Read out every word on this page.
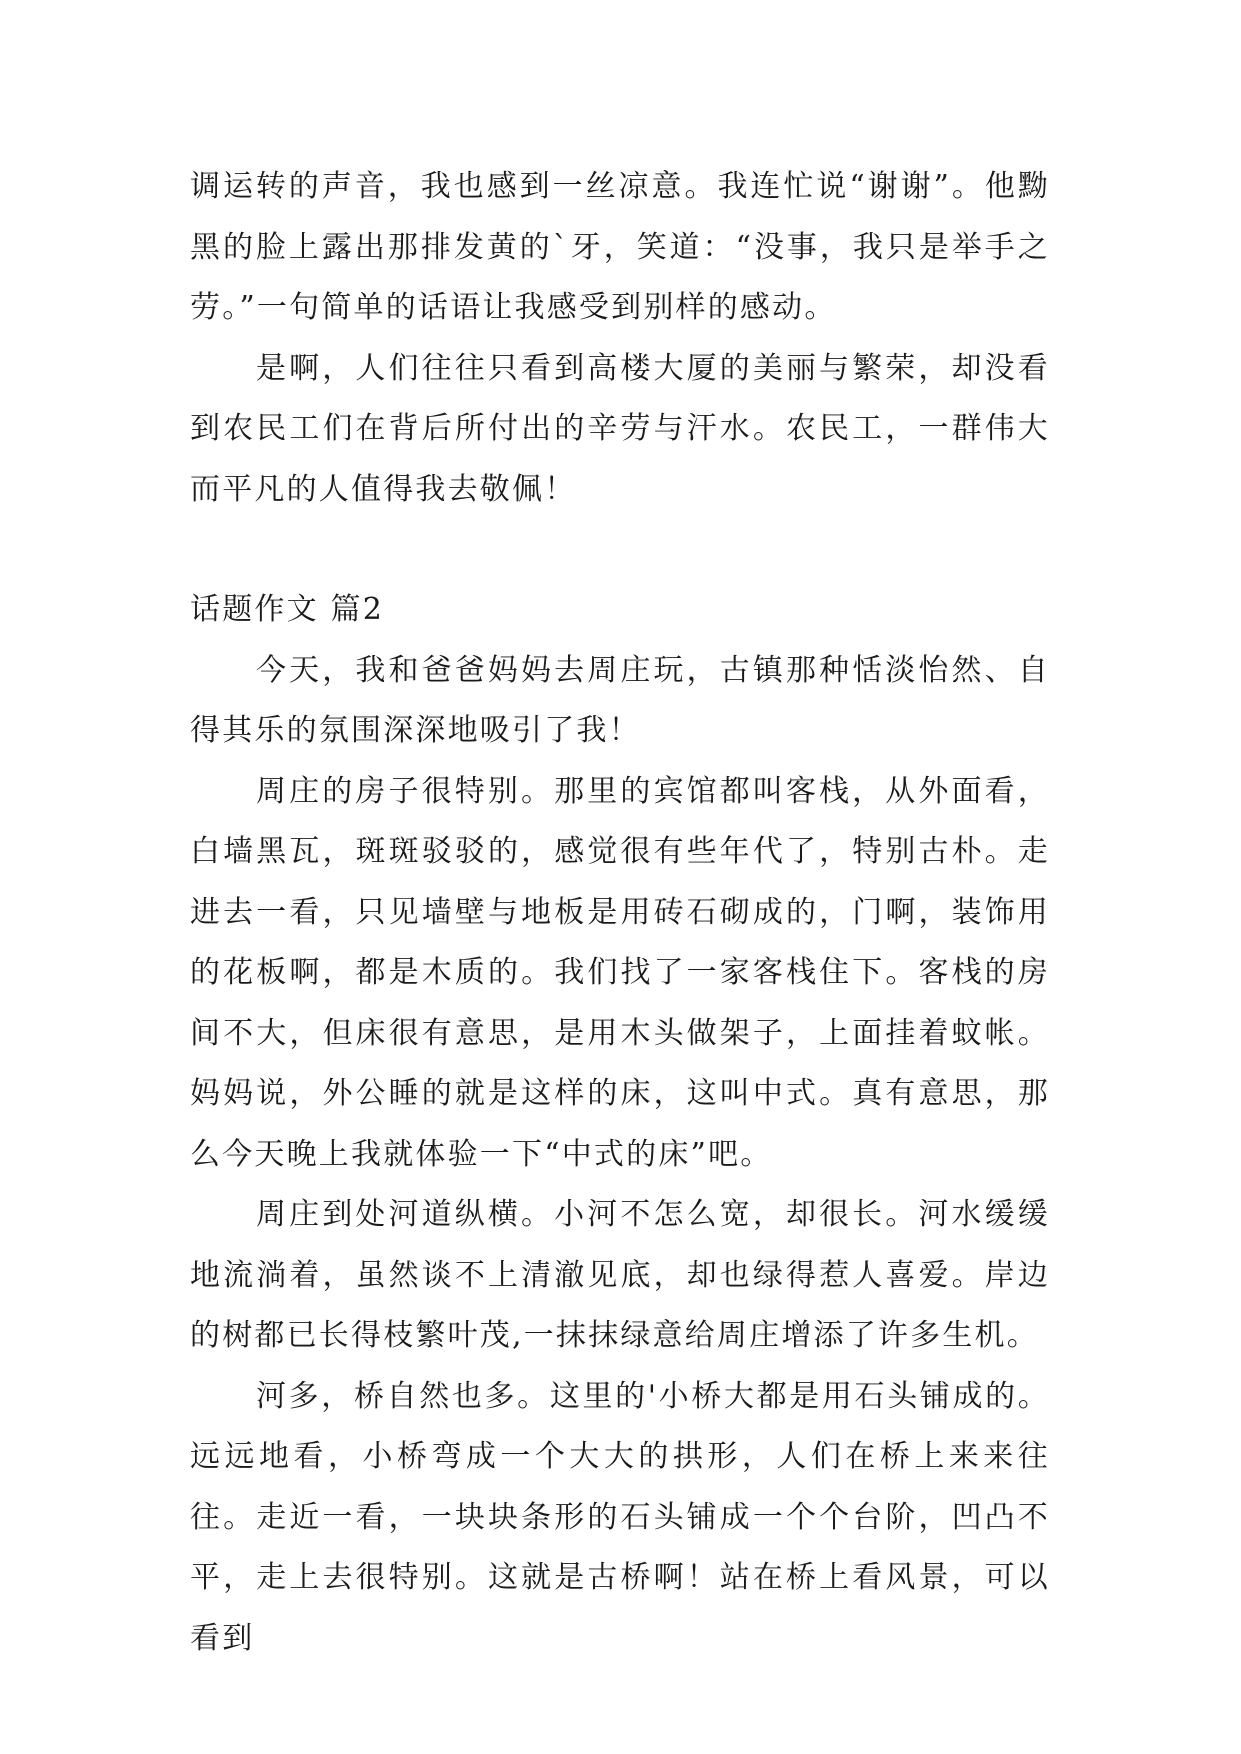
调运转的声音，我也感到一丝凉意。我连忙说“谢谢”。他黝黑的脸上露出那排发黄的`牙，笑道：“没事，我只是举手之劳。”一句简单的话语让我感受到别样的感动。

是啊，人们往往只看到高楼大厦的美丽与繁荣，却没看到农民工们在背后所付出的辛劳与汗水。农民工，一群伟大而平凡的人值得我去敬佩！

话题作文 篇2

今天，我和爸爸妈妈去周庄玩，古镇那种恬淡怡然、自得其乐的氛围深深地吸引了我！

周庄的房子很特别。那里的宾馆都叫客栈，从外面看，白墙黑瓦，斑斑驳驳的，感觉很有些年代了，特别古朴。走进去一看，只见墙壁与地板是用砖石砌成的，门啊，装饰用的花板啊，都是木质的。我们找了一家客栈住下。客栈的房间不大，但床很有意思，是用木头做架子，上面挂着蚊帐。妈妈说，外公睡的就是这样的床，这叫中式。真有意思，那么今天晚上我就体验一下“中式的床”吧。

周庄到处河道纵横。小河不怎么宽，却很长。河水缓缓地流淌着，虽然谈不上清澈见底，却也绿得惹人喜爱。岸边的树都已长得枝繁叶茂,一抹抹绿意给周庄增添了许多生机。

河多，桥自然也多。这里的'小桥大都是用石头铺成的。远远地看，小桥弯成一个大大的拱形，人们在桥上来来往往。走近一看，一块块条形的石头铺成一个个台阶，凹凸不平，走上去很特别。这就是古桥啊！站在桥上看风景，可以看到
